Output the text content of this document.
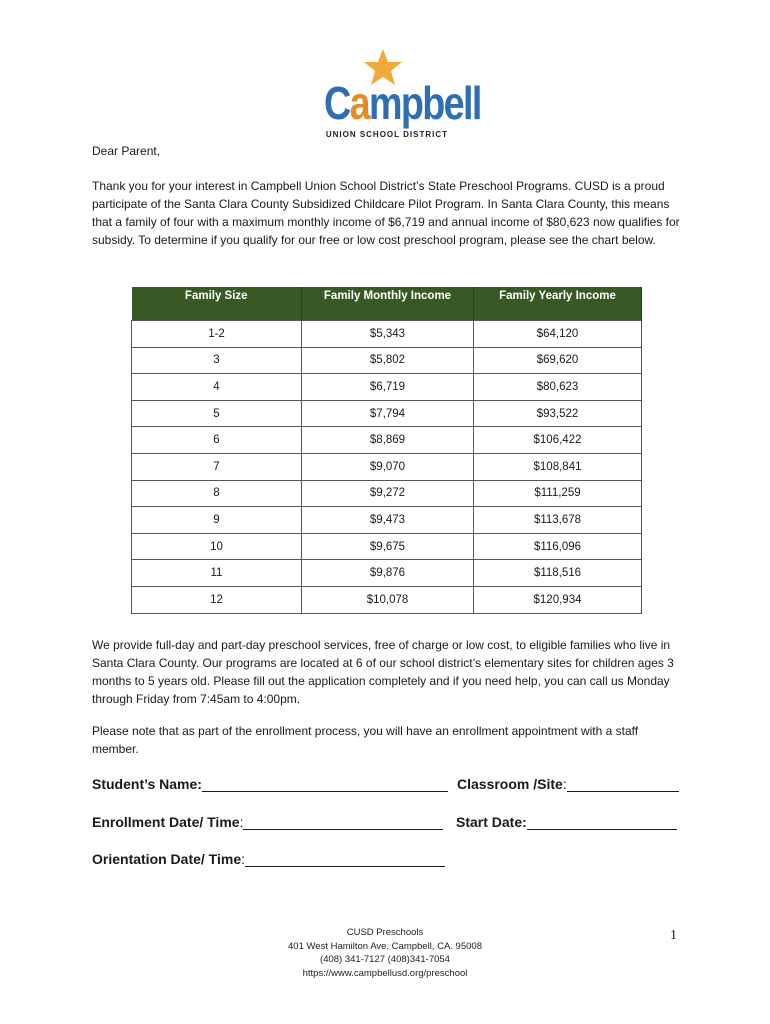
Campbell
UNION SCHOOL DISTRICT
Dear Parent,
Thank you for your interest in Campbell Union School District’s State Preschool Programs. CUSD is a proud participate of the Santa Clara County Subsidized Childcare Pilot Program. In Santa Clara County, this means that a family of four with a maximum monthly income of $6,719 and annual income of $80,623 now qualifies for subsidy. To determine if you qualify for our free or low cost preschool program, please see the chart below.
Family Size	Family Monthly Income	Family Yearly Income
1-2	$5,343	$64,120
3	$5,802	$69,620
4	$6,719	$80,623
5	$7,794	$93,522
6	$8,869	$106,422
7	$9,070	$108,841
8	$9,272	$111,259
9	$9,473	$113,678
10	$9,675	$116,096
11	$9,876	$118,516
12	$10,078	$120,934
We provide full-day and part-day preschool services, free of charge or low cost, to eligible families who live in Santa Clara County. Our programs are located at 6 of our school district’s elementary sites for children ages 3 months to 5 years old. Please fill out the application completely and if you need help, you can call us Monday through Friday from 7:45am to 4:00pm.
Please note that as part of the enrollment process, you will have an enrollment appointment with a staff member.
Student’s Name:	Classroom /Site:
Enrollment Date/ Time:	Start Date:
Orientation Date/ Time:
CUSD Preschools
401 West Hamilton Ave. Campbell, CA. 95008
(408) 341-7127 (408)341-7054
https://www.campbellusd.org/preschool
1
